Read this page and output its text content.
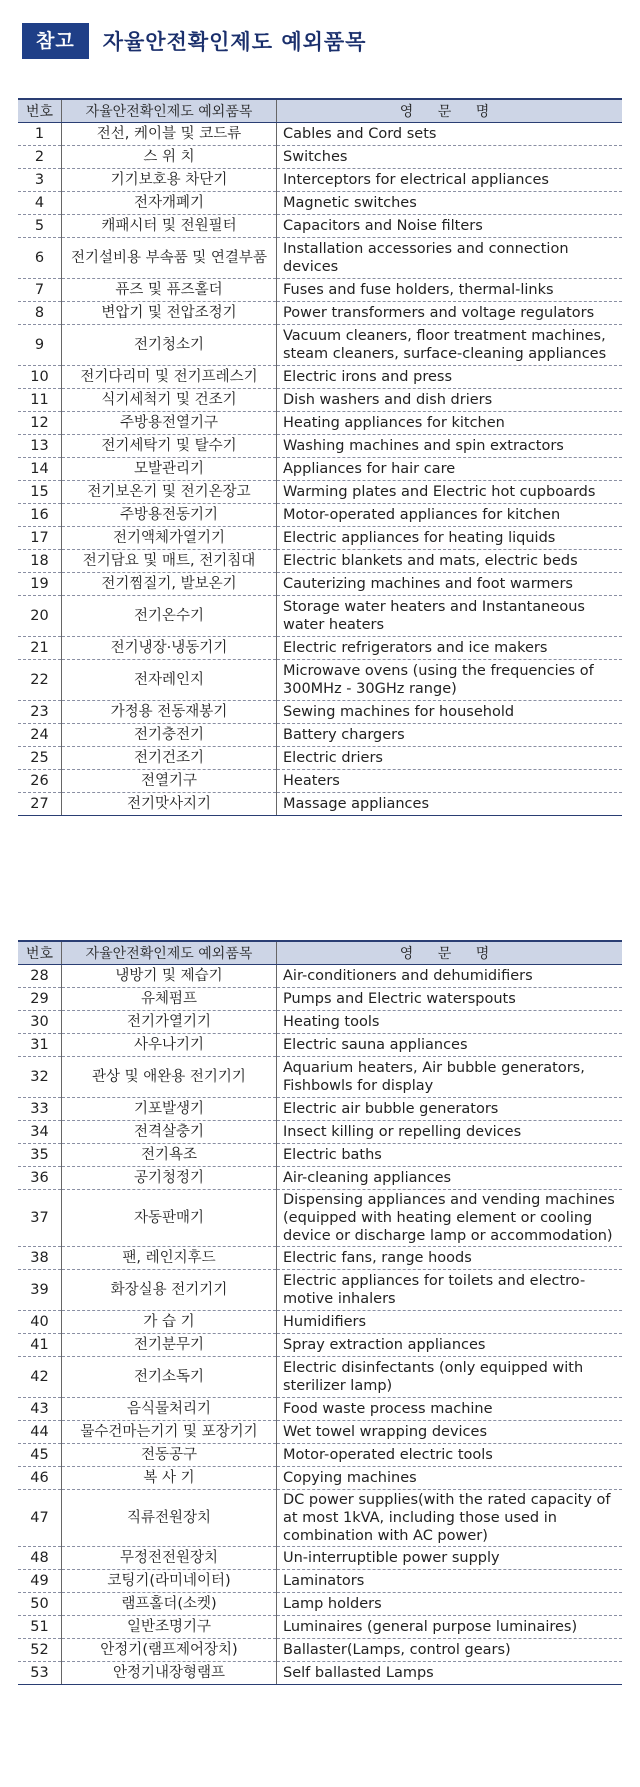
참고	자율안전확인제도 예외품목
번호	자율안전확인제도 예외품목	영 문 명
1	전선, 케이블 및 코드류	Cables and Cord sets
2	스 위 치	Switches
3	기기보호용 차단기	Interceptors for electrical appliances
4	전자개폐기	Magnetic switches
5	캐패시터 및 전원필터	Capacitors and Noise filters
6	전기설비용 부속품 및 연결부품	Installation accessories and connection devices
7	퓨즈 및 퓨즈홀더	Fuses and fuse holders, thermal-links
8	변압기 및 전압조정기	Power transformers and voltage regulators
9	전기청소기	Vacuum cleaners, floor treatment machines, steam cleaners, surface-cleaning appliances
10	전기다리미 및 전기프레스기	Electric irons and press
11	식기세척기 및 건조기	Dish washers and dish driers
12	주방용전열기구	Heating appliances for kitchen
13	전기세탁기 및 탈수기	Washing machines and spin extractors
14	모발관리기	Appliances for hair care
15	전기보온기 및 전기온장고	Warming plates and Electric hot cupboards
16	주방용전동기기	Motor-operated appliances for kitchen
17	전기액체가열기기	Electric appliances for heating liquids
18	전기담요 및 매트, 전기침대	Electric blankets and mats, electric beds
19	전기찜질기, 발보온기	Cauterizing machines and foot warmers
20	전기온수기	Storage water heaters and Instantaneous water heaters
21	전기냉장·냉동기기	Electric refrigerators and ice makers
22	전자레인지	Microwave ovens (using the frequencies of 300MHz - 30GHz range)
23	가정용 전동재봉기	Sewing machines for household
24	전기충전기	Battery chargers
25	전기건조기	Electric driers
26	전열기구	Heaters
27	전기맛사지기	Massage appliances
번호	자율안전확인제도 예외품목	영 문 명
28	냉방기 및 제습기	Air-conditioners and dehumidifiers
29	유체펌프	Pumps and Electric waterspouts
30	전기가열기기	Heating tools
31	사우나기기	Electric sauna appliances
32	관상 및 애완용 전기기기	Aquarium heaters, Air bubble generators, Fishbowls for display
33	기포발생기	Electric air bubble generators
34	전격살충기	Insect killing or repelling devices
35	전기욕조	Electric baths
36	공기청정기	Air-cleaning appliances
37	자동판매기	Dispensing appliances and vending machines (equipped with heating element or cooling device or discharge lamp or accommodation)
38	팬, 레인지후드	Electric fans, range hoods
39	화장실용 전기기기	Electric appliances for toilets and electro-motive inhalers
40	가 습 기	Humidifiers
41	전기분무기	Spray extraction appliances
42	전기소독기	Electric disinfectants (only equipped with sterilizer lamp)
43	음식물처리기	Food waste process machine
44	물수건마는기기 및 포장기기	Wet towel wrapping devices
45	전동공구	Motor-operated electric tools
46	복 사 기	Copying machines
47	직류전원장치	DC power supplies(with the rated capacity of at most 1kVA, including those used in combination with AC power)
48	무정전전원장치	Un-interruptible power supply
49	코팅기(라미네이터)	Laminators
50	램프홀더(소켓)	Lamp holders
51	일반조명기구	Luminaires (general purpose luminaires)
52	안정기(램프제어장치)	Ballaster(Lamps, control gears)
53	안정기내장형램프	Self ballasted Lamps
